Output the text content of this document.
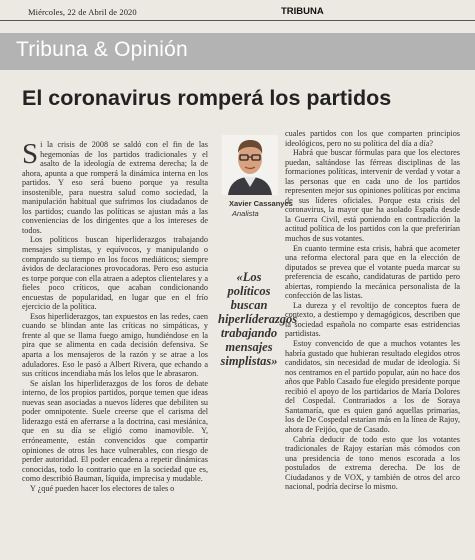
Miércoles, 22 de Abril de 2020	TRIBUNA
Tribuna & Opinión
El coronavirus romperá los partidos

Si la crisis de 2008 se saldó con el fin de las hegemonías de los partidos tradicionales y el asalto de la ideología de extrema derecha; la de ahora, apunta a que romperá la dinámica interna en los partidos. Y eso será bueno porque ya resulta insostenible, para nuestra salud como sociedad, la manipulación habitual que sufrimos los ciudadanos de los partidos; cuando las políticas se ajustan más a las conveniencias de los dirigentes que a los intereses de todos.

Los políticos buscan hiperliderazgos trabajando mensajes simplistas, y equívocos, y manipulando o comprando su tiempo en los focos mediáticos; siempre ávidos de declaraciones provocadoras. Pero eso astucia es torpe porque con ella atraen a adeptos clientelares y a fieles poco críticos, que acaban condicionando encuestas de popularidad, en lugar que en el frío ejercicio de la política.

Esos hiperliderazgos, tan expuestos en las redes, caen cuando se blindan ante las críticas no simpáticas, y frente al que se llama fuego amigo, hundiéndose en la pira que se alimenta en cada decisión defensiva. Se aparta a los mensajeros de la razón y se atrae a los aduladores. Eso le pasó a Albert Rivera, que echando a sus críticos incendiaba más los lelos que le abrasaron.

Se aíslan los hiperliderazgos de los foros de debate interno, de los propios partidos, porque temen que ideas nuevas sean asociadas a nuevos líderes que debiliten su poder omnipotente. Suele creerse que el carisma del liderazgo está en aferrarse a la doctrina, casi mesiánica, que en su día se eligió como inamovible. Y, erróneamente, están convencidos que compartir opiniones de otros les hace vulnerables, con riesgo de perder autoridad. El poder encadena a repetir dinámicas conocidas, todo lo contrario que en la sociedad que es, como describió Bauman, líquida, imprecisa y mudable.

Y ¿qué pueden hacer los electores de tales o

Xavier Cassanyes
Analista
«Los políticos buscan hiperlíderazgos trabajando mensajes simplistas»

cuales partidos con los que comparten principios ideológicos, pero no su política del día a día?

Habrá que buscar fórmulas para que los electores puedan, saltándose las férreas disciplinas de las formaciones políticas, intervenir de verdad y votar a las personas que en cada uno de los partidos representen mejor sus opiniones políticas por encima de sus líderes oficiales. Porque esta crisis del coronavirus, la mayor que ha asolado España desde la Guerra Civil, está poniendo en contradicción la actitud política de los partidos con la que preferirían muchos de sus votantes.

En cuanto termine esta crisis, habrá que acometer una reforma electoral para que en la elección de diputados se prevea que el votante pueda marcar su preferencia de escaño, candidaturas de partido pero abiertas, rompiendo la mecánica personalista de la confección de las listas.

La dureza y el revoltijo de conceptos fuera de contexto, a destiempo y demagógicos, describen que la sociedad española no comparte esas estridencias partidistas.

Estoy convencido de que a muchos votantes les habría gustado que hubieran resultado elegidos otros candidatos, sin necesidad de mudar de ideología. Si nos centramos en el partido popular, aún no hace dos años que Pablo Casado fue elegido presidente porque recibió el apoyo de los partidarios de María Dolores del Cospedal. Contrariados a los de Soraya Santamaría, que es quien ganó aquellas primarias, los de De Cospedal estarían más en la línea de Rajoy, ahora de Feijóo, que de Casado.

Cabría deducir de todo esto que los votantes tradicionales de Rajoy estarían más cómodos con una presidencia de tono menos escorada a los postulados de extrema derecha. De los de Ciudadanos y de VOX, y también de otros del arco nacional, podría decirse lo mismo.
